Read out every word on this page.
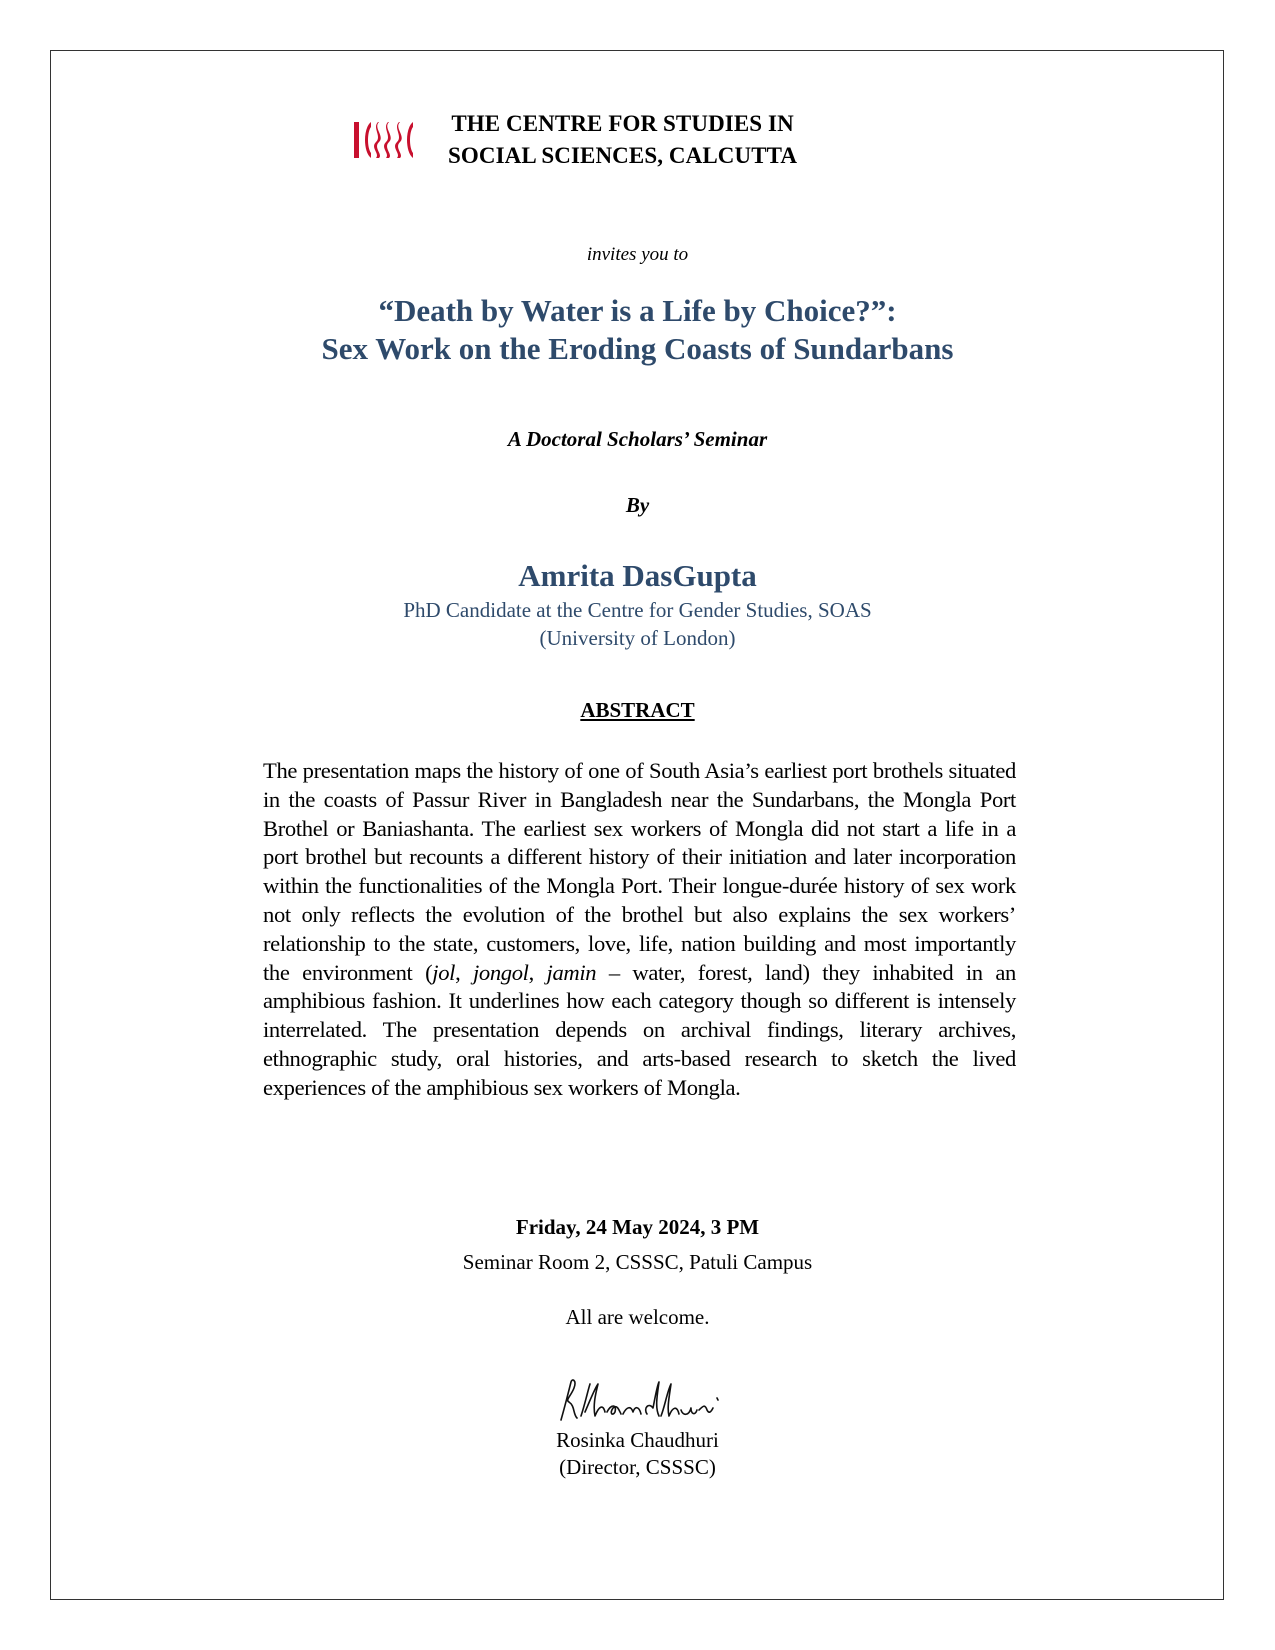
THE CENTRE FOR STUDIES IN
SOCIAL SCIENCES, CALCUTTA
invites you to
“Death by Water is a Life by Choice?”:
Sex Work on the Eroding Coasts of Sundarbans
A Doctoral Scholars’ Seminar
By
Amrita DasGupta
PhD Candidate at the Centre for Gender Studies, SOAS
(University of London)
ABSTRACT
The presentation maps the history of one of South Asia’s earliest port brothels situated in the coasts of Passur River in Bangladesh near the Sundarbans, the Mongla Port Brothel or Baniashanta. The earliest sex workers of Mongla did not start a life in a port brothel but recounts a different history of their initiation and later incorporation within the functionalities of the Mongla Port. Their longue-durée history of sex work not only reflects the evolution of the brothel but also explains the sex workers’ relationship to the state, customers, love, life, nation building and most importantly the environment (jol, jongol, jamin – water, forest, land) they inhabited in an amphibious fashion. It underlines how each category though so different is intensely interrelated. The presentation depends on archival findings, literary archives, ethnographic study, oral histories, and arts-based research to sketch the lived experiences of the amphibious sex workers of Mongla.
Friday, 24 May 2024, 3 PM
Seminar Room 2, CSSSC, Patuli Campus
All are welcome.
Rosinka Chaudhuri
(Director, CSSSC)
